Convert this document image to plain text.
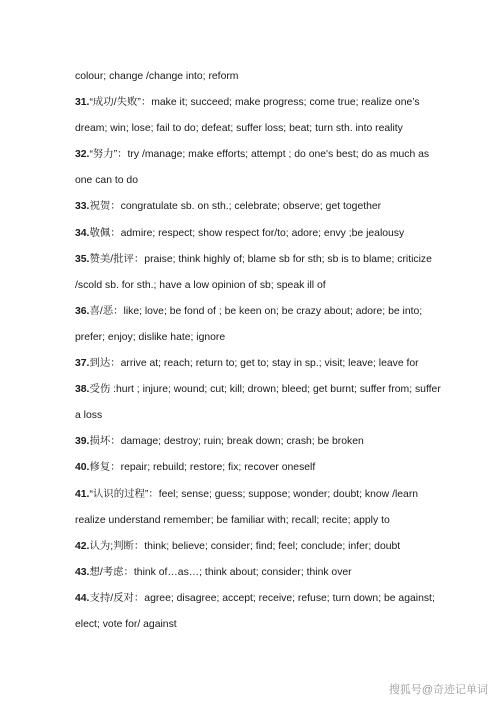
colour; change /change into; reform
31.“成功/失败”：make it; succeed; make progress; come true; realize one’s
dream; win; lose; fail to do; defeat; suffer loss; beat; turn sth. into reality
32.“努力”：try /manage; make efforts; attempt ; do one's best; do as much as
one can to do
33.祝贺：congratulate sb. on sth.; celebrate; observe; get together
34.敬佩：admire; respect; show respect for/to; adore; envy ;be jealousy
35.赞美/批评：praise; think highly of; blame sb for sth; sb is to blame; criticize
/scold sb. for sth.; have a low opinion of sb; speak ill of
36.喜/恶：like; love; be fond of ; be keen on; be crazy about; adore; be into;
prefer; enjoy; dislike hate; ignore
37.到达：arrive at; reach; return to; get to; stay in sp.; visit; leave; leave for
38.受伤 :hurt ; injure; wound; cut; kill; drown; bleed; get burnt; suffer from; suffer
a loss
39.损坏：damage; destroy; ruin; break down; crash; be broken
40.修复：repair; rebuild; restore; fix; recover oneself
41.“认识的过程”：feel; sense; guess; suppose; wonder; doubt; know /learn
realize understand remember; be familiar with; recall; recite; apply to
42.认为;判断：think; believe; consider; find; feel; conclude; infer; doubt
43.想/考虑：think of…as…; think about; consider; think over
44.支持/反对：agree; disagree; accept; receive; refuse; turn down; be against;
elect; vote for/ against
搜狐号@奇迹记单词
